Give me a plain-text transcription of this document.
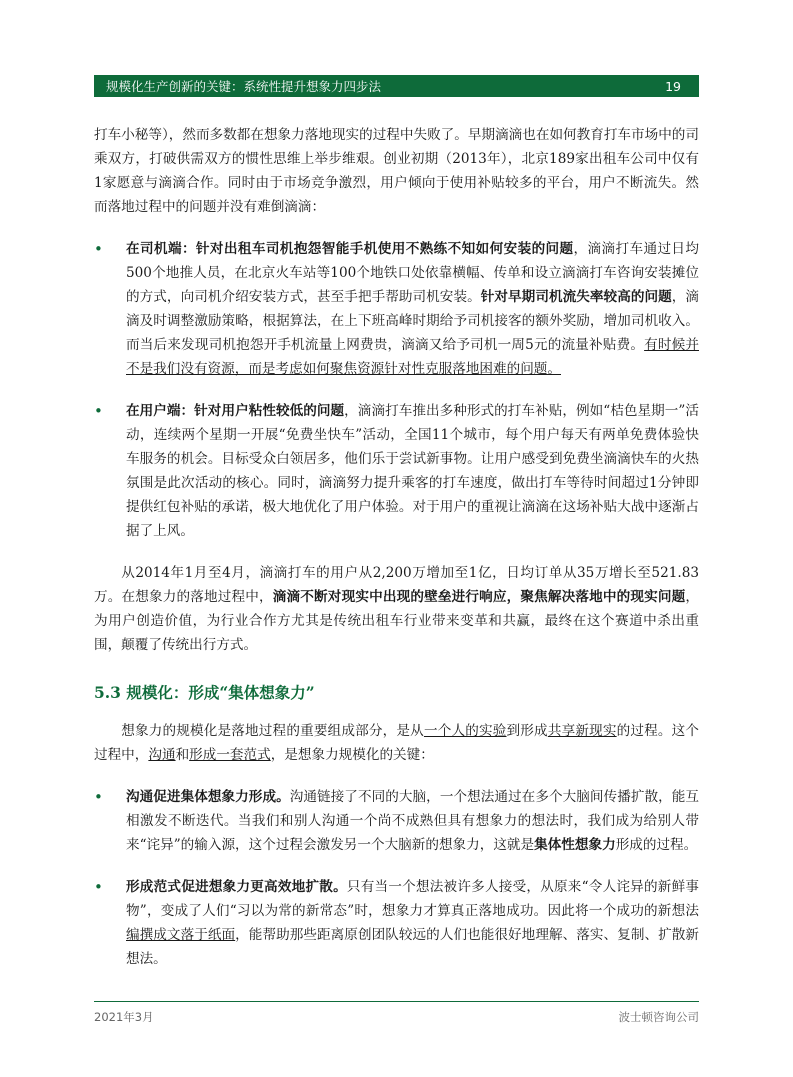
规模化生产创新的关键：系统性提升想象力四步法	19

打车小秘等），然而多数都在想象力落地现实的过程中失败了。早期滴滴也在如何教育打车市场中的司乘双方，打破供需双方的惯性思维上举步维艰。创业初期（2013年），北京189家出租车公司中仅有1家愿意与滴滴合作。同时由于市场竞争激烈，用户倾向于使用补贴较多的平台，用户不断流失。然而落地过程中的问题并没有难倒滴滴：

• 在司机端：针对出租车司机抱怨智能手机使用不熟练不知如何安装的问题，滴滴打车通过日均500个地推人员，在北京火车站等100个地铁口处依靠横幅、传单和设立滴滴打车咨询安装摊位的方式，向司机介绍安装方式，甚至手把手帮助司机安装。针对早期司机流失率较高的问题，滴滴及时调整激励策略，根据算法，在上下班高峰时期给予司机接客的额外奖励，增加司机收入。而当后来发现司机抱怨开手机流量上网费贵，滴滴又给予司机一周5元的流量补贴费。有时候并不是我们没有资源，而是考虑如何聚焦资源针对性克服落地困难的问题。

• 在用户端：针对用户粘性较低的问题，滴滴打车推出多种形式的打车补贴，例如“桔色星期一”活动，连续两个星期一开展“免费坐快车”活动，全国11个城市，每个用户每天有两单免费体验快车服务的机会。目标受众白领居多，他们乐于尝试新事物。让用户感受到免费坐滴滴快车的火热氛围是此次活动的核心。同时，滴滴努力提升乘客的打车速度，做出打车等待时间超过1分钟即提供红包补贴的承诺，极大地优化了用户体验。对于用户的重视让滴滴在这场补贴大战中逐渐占据了上风。

从2014年1月至4月，滴滴打车的用户从2,200万增加至1亿，日均订单从35万增长至521.83万。在想象力的落地过程中，滴滴不断对现实中出现的壁垒进行响应，聚焦解决落地中的现实问题，为用户创造价值，为行业合作方尤其是传统出租车行业带来变革和共赢，最终在这个赛道中杀出重围，颠覆了传统出行方式。

5.3 规模化：形成“集体想象力”

想象力的规模化是落地过程的重要组成部分，是从一个人的实验到形成共享新现实的过程。这个过程中，沟通和形成一套范式，是想象力规模化的关键：

• 沟通促进集体想象力形成。沟通链接了不同的大脑，一个想法通过在多个大脑间传播扩散，能互相激发不断迭代。当我们和别人沟通一个尚不成熟但具有想象力的想法时，我们成为给别人带来“诧异”的输入源，这个过程会激发另一个大脑新的想象力，这就是集体性想象力形成的过程。

• 形成范式促进想象力更高效地扩散。只有当一个想法被许多人接受，从原来“令人诧异的新鲜事物”，变成了人们“习以为常的新常态”时，想象力才算真正落地成功。因此将一个成功的新想法编撰成文落于纸面，能帮助那些距离原创团队较远的人们也能很好地理解、落实、复制、扩散新想法。

2021年3月	波士顿咨询公司
